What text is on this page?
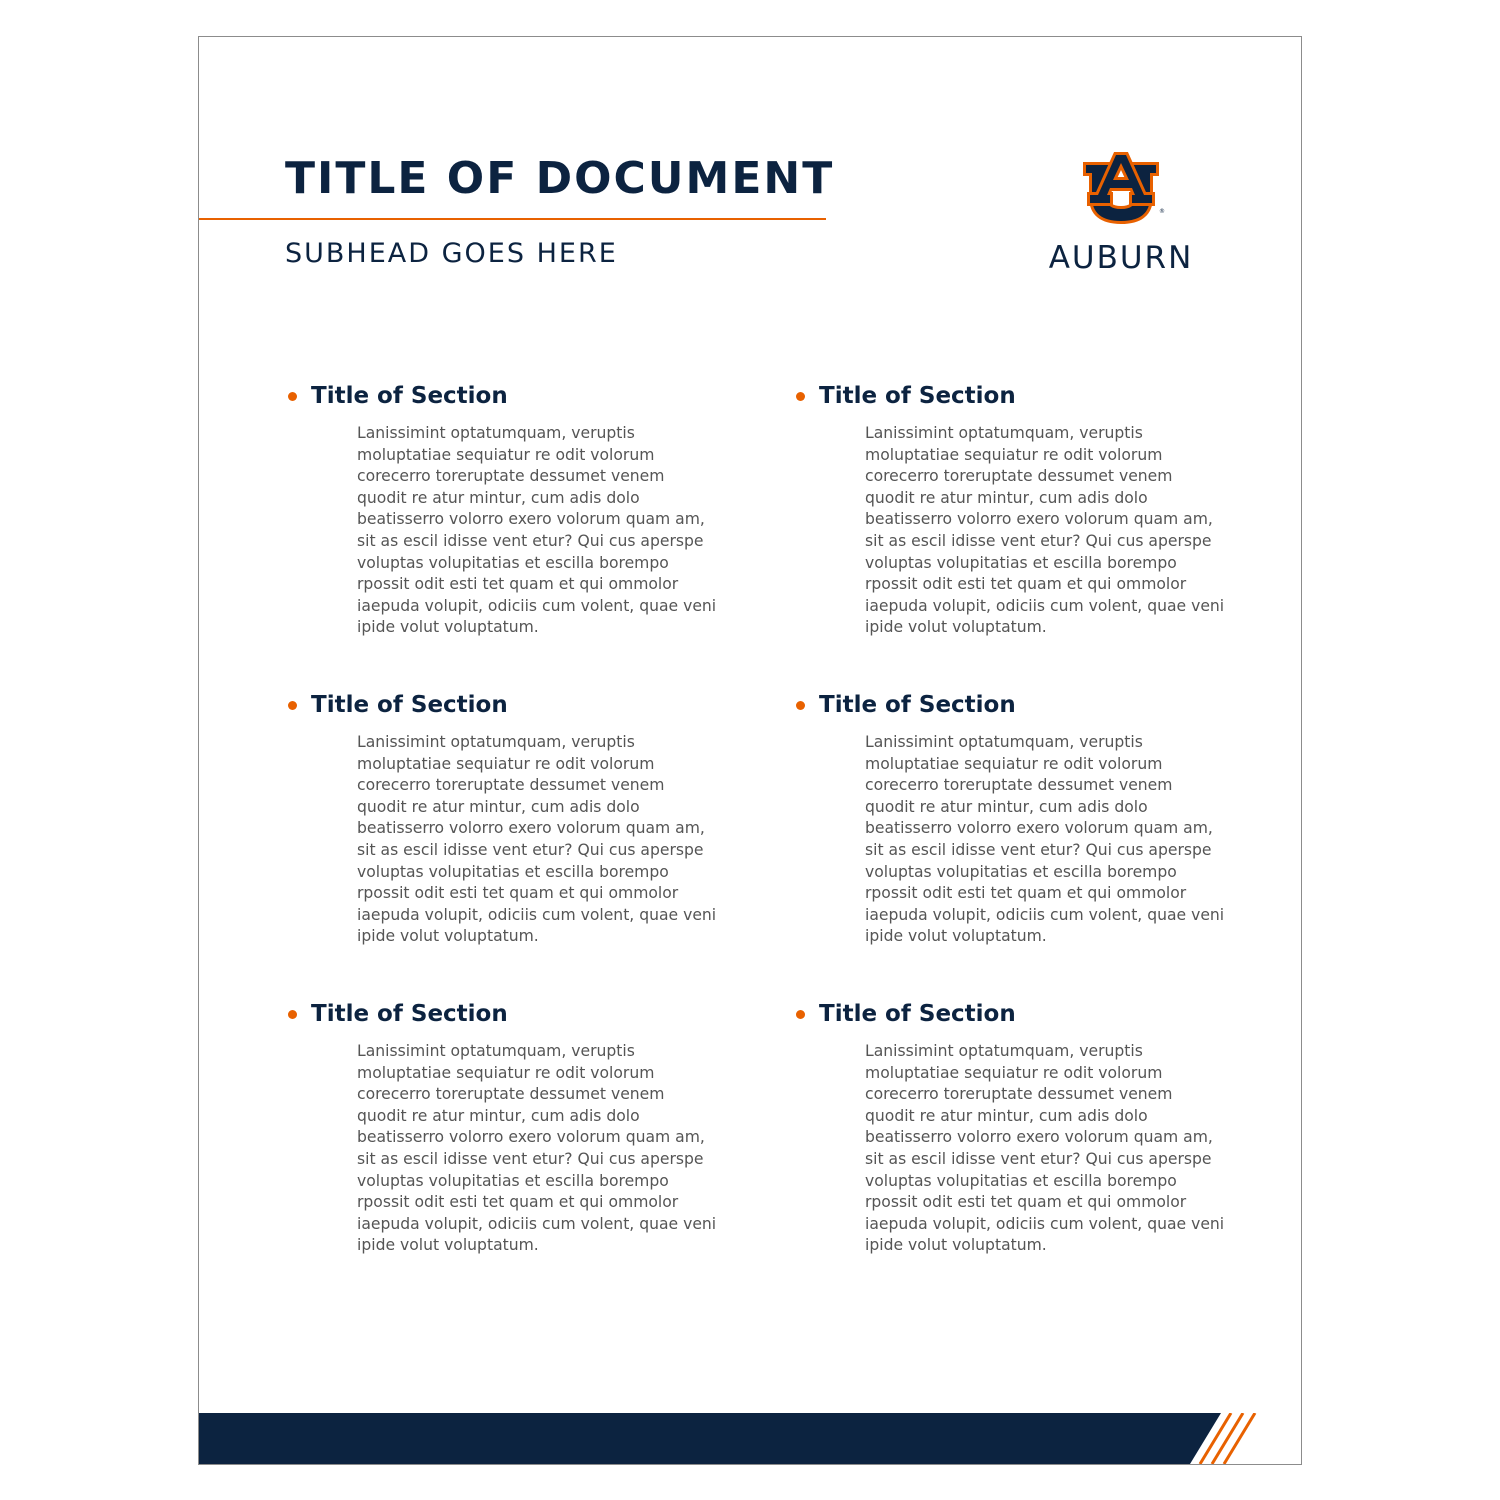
TITLE OF DOCUMENT
SUBHEAD GOES HERE
®
AUBURN
Title of Section

Lanissimint optatumquam, veruptis moluptatiae sequiatur re odit volorum corecerro toreruptate dessumet venem quodit re atur mintur, cum adis dolo beatisserro volorro exero volorum quam am, sit as escil idisse vent etur? Qui cus aperspe voluptas volupitatias et escilla borempo rpossit odit esti tet quam et qui ommolor iaepuda volupit, odiciis cum volent, quae veni ipide volut voluptatum.

Title of Section

Lanissimint optatumquam, veruptis moluptatiae sequiatur re odit volorum corecerro toreruptate dessumet venem quodit re atur mintur, cum adis dolo beatisserro volorro exero volorum quam am, sit as escil idisse vent etur? Qui cus aperspe voluptas volupitatias et escilla borempo rpossit odit esti tet quam et qui ommolor iaepuda volupit, odiciis cum volent, quae veni ipide volut voluptatum.

Title of Section

Lanissimint optatumquam, veruptis moluptatiae sequiatur re odit volorum corecerro toreruptate dessumet venem quodit re atur mintur, cum adis dolo beatisserro volorro exero volorum quam am, sit as escil idisse vent etur? Qui cus aperspe voluptas volupitatias et escilla borempo rpossit odit esti tet quam et qui ommolor iaepuda volupit, odiciis cum volent, quae veni ipide volut voluptatum.

Title of Section

Lanissimint optatumquam, veruptis moluptatiae sequiatur re odit volorum corecerro toreruptate dessumet venem quodit re atur mintur, cum adis dolo beatisserro volorro exero volorum quam am, sit as escil idisse vent etur? Qui cus aperspe voluptas volupitatias et escilla borempo rpossit odit esti tet quam et qui ommolor iaepuda volupit, odiciis cum volent, quae veni ipide volut voluptatum.

Title of Section

Lanissimint optatumquam, veruptis moluptatiae sequiatur re odit volorum corecerro toreruptate dessumet venem quodit re atur mintur, cum adis dolo beatisserro volorro exero volorum quam am, sit as escil idisse vent etur? Qui cus aperspe voluptas volupitatias et escilla borempo rpossit odit esti tet quam et qui ommolor iaepuda volupit, odiciis cum volent, quae veni ipide volut voluptatum.

Title of Section

Lanissimint optatumquam, veruptis moluptatiae sequiatur re odit volorum corecerro toreruptate dessumet venem quodit re atur mintur, cum adis dolo beatisserro volorro exero volorum quam am, sit as escil idisse vent etur? Qui cus aperspe voluptas volupitatias et escilla borempo rpossit odit esti tet quam et qui ommolor iaepuda volupit, odiciis cum volent, quae veni ipide volut voluptatum.
